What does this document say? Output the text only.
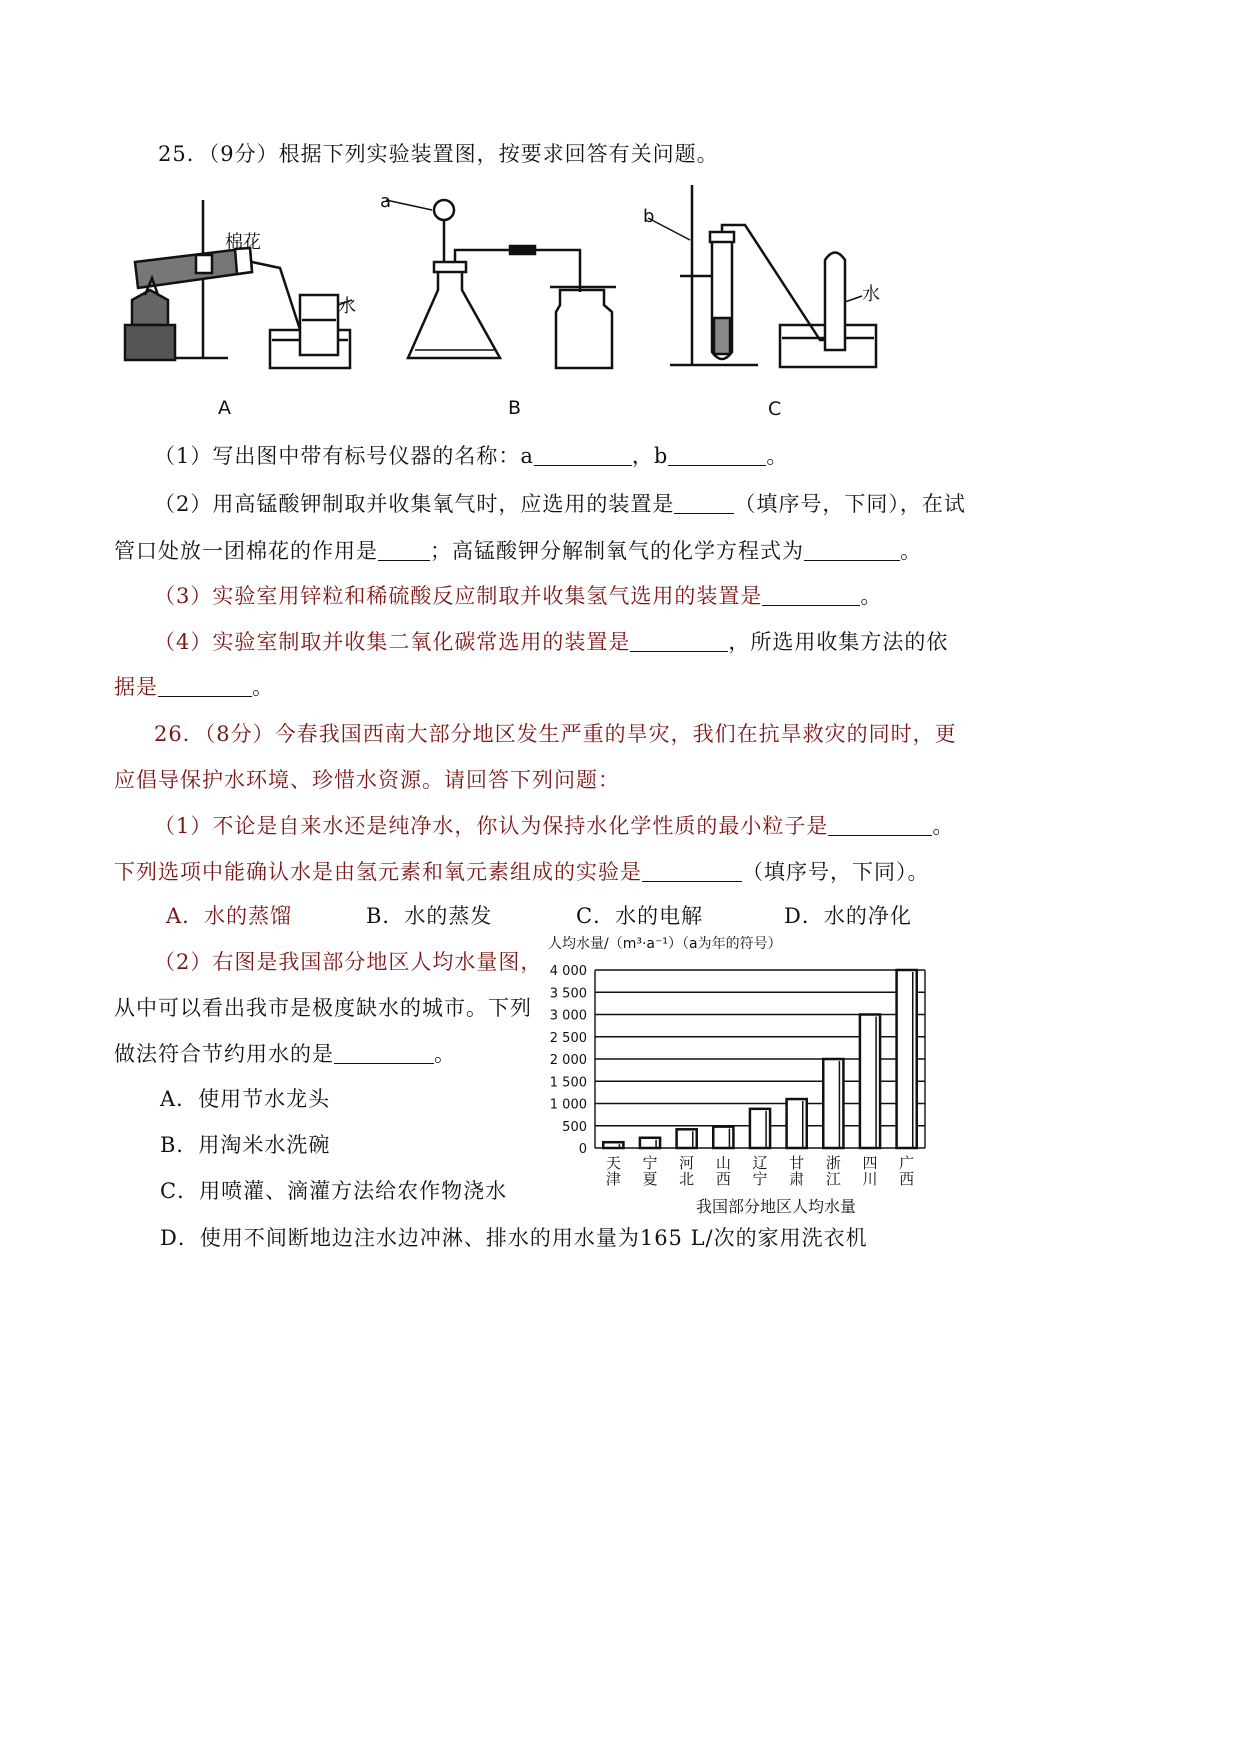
25．（9分）根据下列实验装置图，按要求回答有关问题。
棉花
水
a
b
水
A	B	C
（1）写出图中带有标号仪器的名称：a	，b	。
（2）用高锰酸钾制取并收集氧气时，应选用的装置是	（填序号，下同），在试
管口处放一团棉花的作用是 ；高锰酸钾分解制氧气的化学方程式为	。
（3）实验室用锌粒和稀硫酸反应制取并收集氢气选用的装置是	。
（4）实验室制取并收集二氧化碳常选用的装置是	，所选用收集方法的依
据是	。
26．（8分）今春我国西南大部分地区发生严重的旱灾，我们在抗旱救灾的同时，更
应倡导保护水环境、珍惜水资源。请回答下列问题：
（1）不论是自来水还是纯净水，你认为保持水化学性质的最小粒子是	。
下列选项中能确认水是由氢元素和氧元素组成的实验是	（填序号，下同）。
A．水的蒸馏	B．水的蒸发	C．水的电解	D．水的净化
（2）右图是我国部分地区人均水量图，
从中可以看出我市是极度缺水的城市。下列
做法符合节约用水的是	。
A．使用节水龙头
B．用淘米水洗碗
C．用喷灌、滴灌方法给农作物浇水
D．使用不间断地边注水边冲淋、排水的用水量为165 L/次的家用洗衣机
人均水量/（m³·a⁻¹）（a为年的符号）
天
津
宁
夏
河
北
山
西
辽
宁
甘
肃
浙
江
四
川
广
西
0
500
1 000
1 500
2 000
2 500
3 000
3 500
4 000
我国部分地区人均水量
